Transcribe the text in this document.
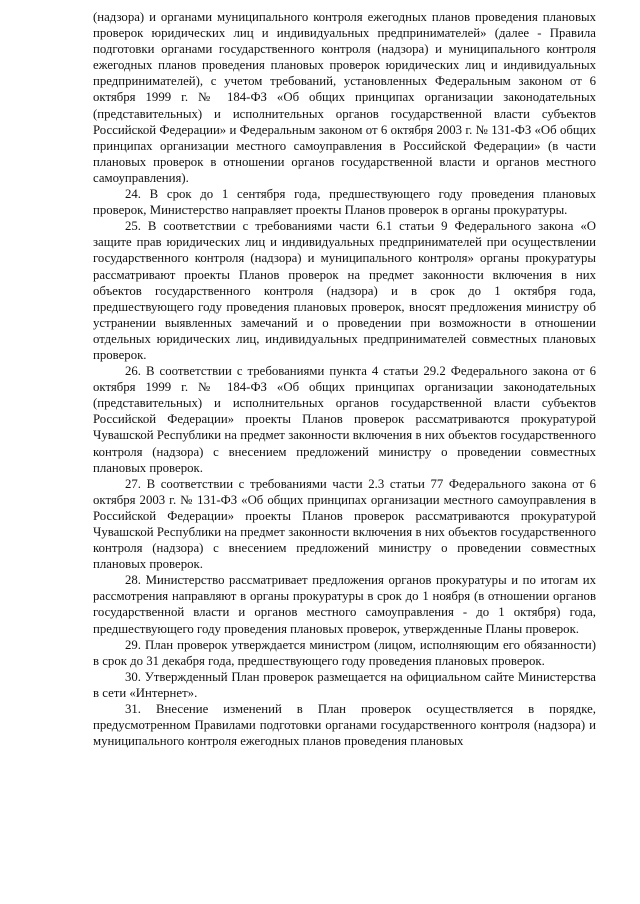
(надзора) и органами муниципального контроля ежегодных планов проведения плановых проверок юридических лиц и индивидуальных предпринимателей» (далее - Правила подготовки органами государственного контроля (надзора) и муниципального контроля ежегодных планов проведения плановых проверок юридических лиц и индивидуальных предпринимателей), с учетом требований, установленных Федеральным законом от 6 октября 1999 г. № 184-ФЗ «Об общих принципах организации законодательных (представительных) и исполнительных органов государственной власти субъектов Российской Федерации» и Федеральным законом от 6 октября 2003 г. № 131-ФЗ «Об общих принципах организации местного самоуправления в Российской Федерации» (в части плановых проверок в отношении органов государственной власти и органов местного самоуправления).

24. В срок до 1 сентября года, предшествующего году проведения плановых проверок, Министерство направляет проекты Планов проверок в органы прокуратуры.

25. В соответствии с требованиями части 6.1 статьи 9 Федерального закона «О защите прав юридических лиц и индивидуальных предпринимателей при осуществлении государственного контроля (надзора) и муниципального контроля» органы прокуратуры рассматривают проекты Планов проверок на предмет законности включения в них объектов государственного контроля (надзора) и в срок до 1 октября года, предшествующего году проведения плановых проверок, вносят предложения министру об устранении выявленных замечаний и о проведении при возможности в отношении отдельных юридических лиц, индивидуальных предпринимателей совместных плановых проверок.

26. В соответствии с требованиями пункта 4 статьи 29.2 Федерального закона от 6 октября 1999 г. № 184-ФЗ «Об общих принципах организации законодательных (представительных) и исполнительных органов государственной власти субъектов Российской Федерации» проекты Планов проверок рассматриваются прокуратурой Чувашской Республики на предмет законности включения в них объектов государственного контроля (надзора) с внесением предложений министру о проведении совместных плановых проверок.

27. В соответствии с требованиями части 2.3 статьи 77 Федерального закона от 6 октября 2003 г. № 131-ФЗ «Об общих принципах организации местного самоуправления в Российской Федерации» проекты Планов проверок рассматриваются прокуратурой Чувашской Республики на предмет законности включения в них объектов государственного контроля (надзора) с внесением предложений министру о проведении совместных плановых проверок.

28. Министерство рассматривает предложения органов прокуратуры и по итогам их рассмотрения направляют в органы прокуратуры в срок до 1 ноября (в отношении органов государственной власти и органов местного самоуправления - до 1 октября) года, предшествующего году проведения плановых проверок, утвержденные Планы проверок.

29. План проверок утверждается министром (лицом, исполняющим его обязанности) в срок до 31 декабря года, предшествующего году проведения плановых проверок.

30. Утвержденный План проверок размещается на официальном сайте Министерства в сети «Интернет».

31. Внесение изменений в План проверок осуществляется в порядке, предусмотренном Правилами подготовки органами государственного контроля (надзора) и муниципального контроля ежегодных планов проведения плановых
